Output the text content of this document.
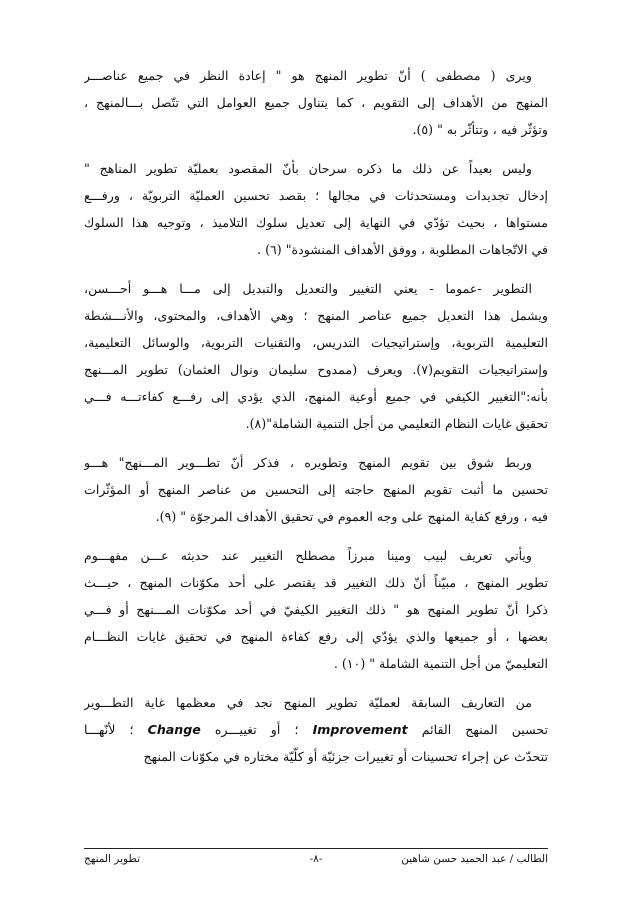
ويرى ( مصطفى ) أنّ تطوير المنهج هو " إعادة النظر في جميع عناصـــر
المنهج من الأهداف إلى التقويم ، كما يتناول جميع العوامل التي تتّصل بـــالمنهج ،
وتؤثّر فيه ، وتتأثّر به " (٥).
وليس بعيداً عن ذلك ما ذكره سرحان بأنّ المقصود بعمليّة تطوير المناهج "
إدخال تجديدات ومستحدثات في مجالها ؛ بقصد تحسين العمليّة التربويّة ، ورفـــع
مستواها ، بحيث تؤدّي في النهاية إلى تعديل سلوك التلاميذ ، وتوجيه هذا السلوك
في الاتّجاهات المطلوبة ، ووفق الأهداف المنشودة" (٦) .
التطوير -عموما - يعني التغيير والتعديل والتبديل إلى مـــا هـــو أحـــسن،
ويشمل هذا التعديل جميع عناصر المنهج ؛ وهي الأهداف، والمحتوى، والأنـــشطة
التعليمية التربوية، وإستراتيجيات التدريس، والتقنيات التربوية، والوسائل التعليمية،
وإستراتيجيات التقويم(٧). ويعرف (ممدوح سليمان ونوال العثمان) تطوير المـــنهج
بأنه:"التغيير الكيفي في جميع أوعية المنهج، الذي يؤدي إلى رفـــع كفاءتـــه فـــي
تحقيق غايات النظام التعليمي من أجل التنمية الشاملة"(٨).
وربط شوق بين تقويم المنهج وتطويره ، فذكر أنّ تطـــوير المـــنهج" هـــو
تحسين ما أثبت تقويم المنهج حاجته إلى التحسين من عناصر المنهج أو المؤثّرات
فيه ، ورفع كفاية المنهج على وجه العموم في تحقيق الأهداف المرجوّة " (٩).
ويأتي تعريف لبيب ومينا مبرزاً مصطلح التغيير عند حديثه عـــن مفهـــوم
تطوير المنهج ، مبيّناً أنّ ذلك التغيير قد يقتصر على أحد مكوّنات المنهج ، حيـــث
ذكرا أنّ تطوير المنهج هو " ذلك التغيير الكيفيّ في أحد مكوّنات المـــنهج أو فـــي
بعضها ، أو جميعها والذي يؤدّي إلى رفع كفاءة المنهج في تحقيق غايات النظـــام
التعليميّ من أجل التنمية الشاملة " (١٠) .
من التعاريف السابقة لعمليّة تطوير المنهج نجد في معظمها غاية التطـــوير
تحسين المنهج القائم Improvement ؛ أو تغييـــره Change ؛ لأنّهـــا
تتحدّث عن إجراء تحسينات أو تغييرات جزئيّة أو كلّيّة مختاره في مكوّنات المنهج
الطالب / عبد الحميد حسن شاهين
-٨-
تطوير المنهج
